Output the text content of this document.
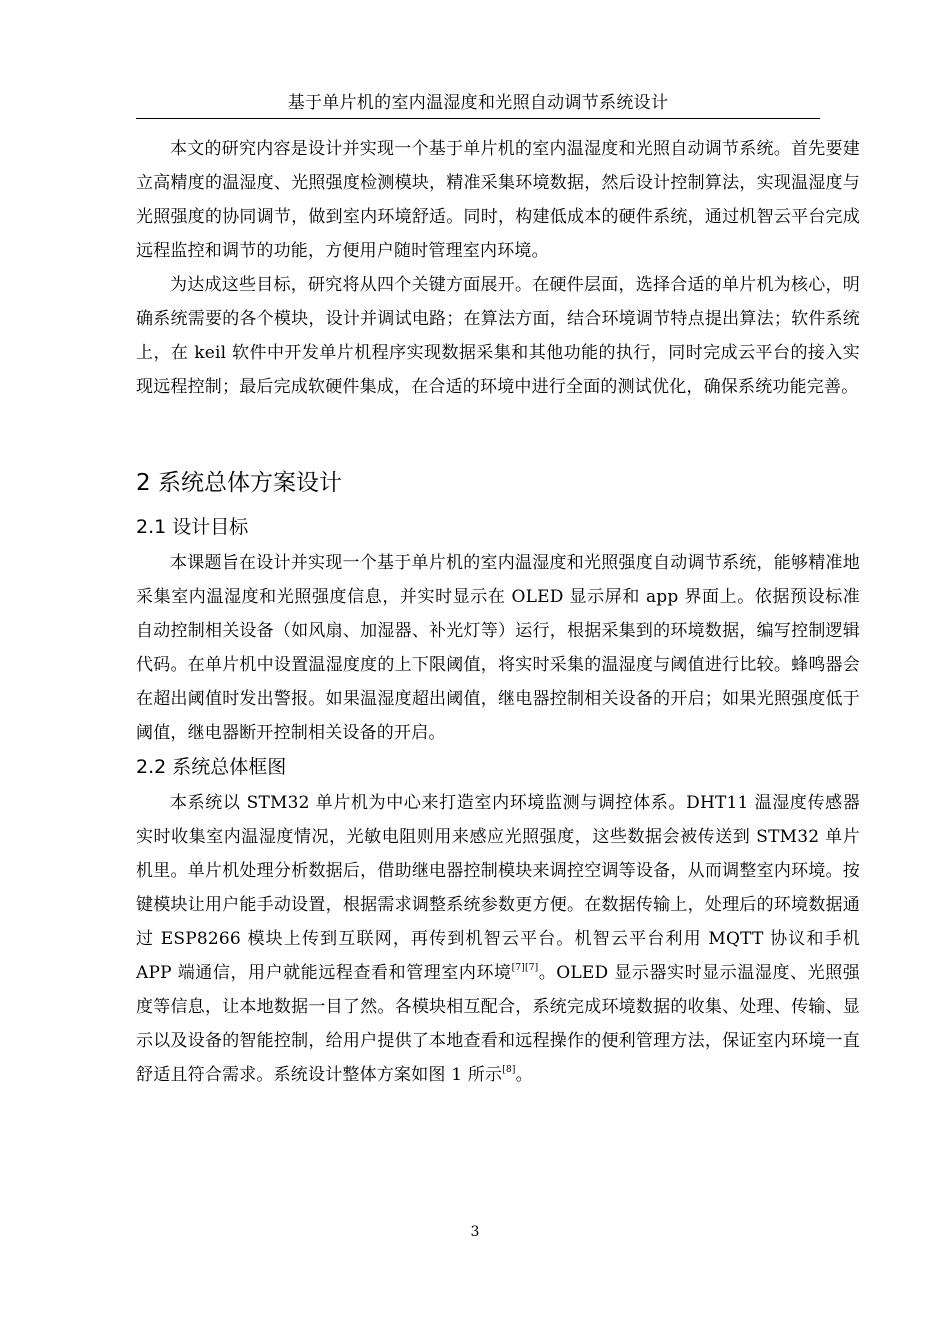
基于单片机的室内温湿度和光照自动调节系统设计

本文的研究内容是设计并实现一个基于单片机的室内温湿度和光照自动调节系统。首先要建立高精度的温湿度、光照强度检测模块，精准采集环境数据，然后设计控制算法，实现温湿度与光照强度的协同调节，做到室内环境舒适。同时，构建低成本的硬件系统，通过机智云平台完成远程监控和调节的功能，方便用户随时管理室内环境。

为达成这些目标，研究将从四个关键方面展开。在硬件层面，选择合适的单片机为核心，明确系统需要的各个模块，设计并调试电路；在算法方面，结合环境调节特点提出算法；软件系统上，在 keil 软件中开发单片机程序实现数据采集和其他功能的执行，同时完成云平台的接入实现远程控制；最后完成软硬件集成，在合适的环境中进行全面的测试优化，确保系统功能完善。

2 系统总体方案设计
2.1 设计目标

本课题旨在设计并实现一个基于单片机的室内温湿度和光照强度自动调节系统，能够精准地采集室内温湿度和光照强度信息，并实时显示在 OLED 显示屏和 app 界面上。依据预设标准自动控制相关设备（如风扇、加湿器、补光灯等）运行，根据采集到的环境数据，编写控制逻辑代码。在单片机中设置温湿度度的上下限阈值，将实时采集的温湿度与阈值进行比较。蜂鸣器会在超出阈值时发出警报。如果温湿度超出阈值，继电器控制相关设备的开启；如果光照强度低于阈值，继电器断开控制相关设备的开启。

2.2 系统总体框图

本系统以 STM32 单片机为中心来打造室内环境监测与调控体系。DHT11 温湿度传感器实时收集室内温湿度情况，光敏电阻则用来感应光照强度，这些数据会被传送到 STM32 单片机里。单片机处理分析数据后，借助继电器控制模块来调控空调等设备，从而调整室内环境。按键模块让用户能手动设置，根据需求调整系统参数更方便。在数据传输上，处理后的环境数据通过 ESP8266 模块上传到互联网，再传到机智云平台。机智云平台利用 MQTT 协议和手机 APP 端通信，用户就能远程查看和管理室内环境[7][7]。OLED 显示器实时显示温湿度、光照强度等信息，让本地数据一目了然。各模块相互配合，系统完成环境数据的收集、处理、传输、显示以及设备的智能控制，给用户提供了本地查看和远程操作的便利管理方法，保证室内环境一直舒适且符合需求。系统设计整体方案如图 1 所示[8]。

3
